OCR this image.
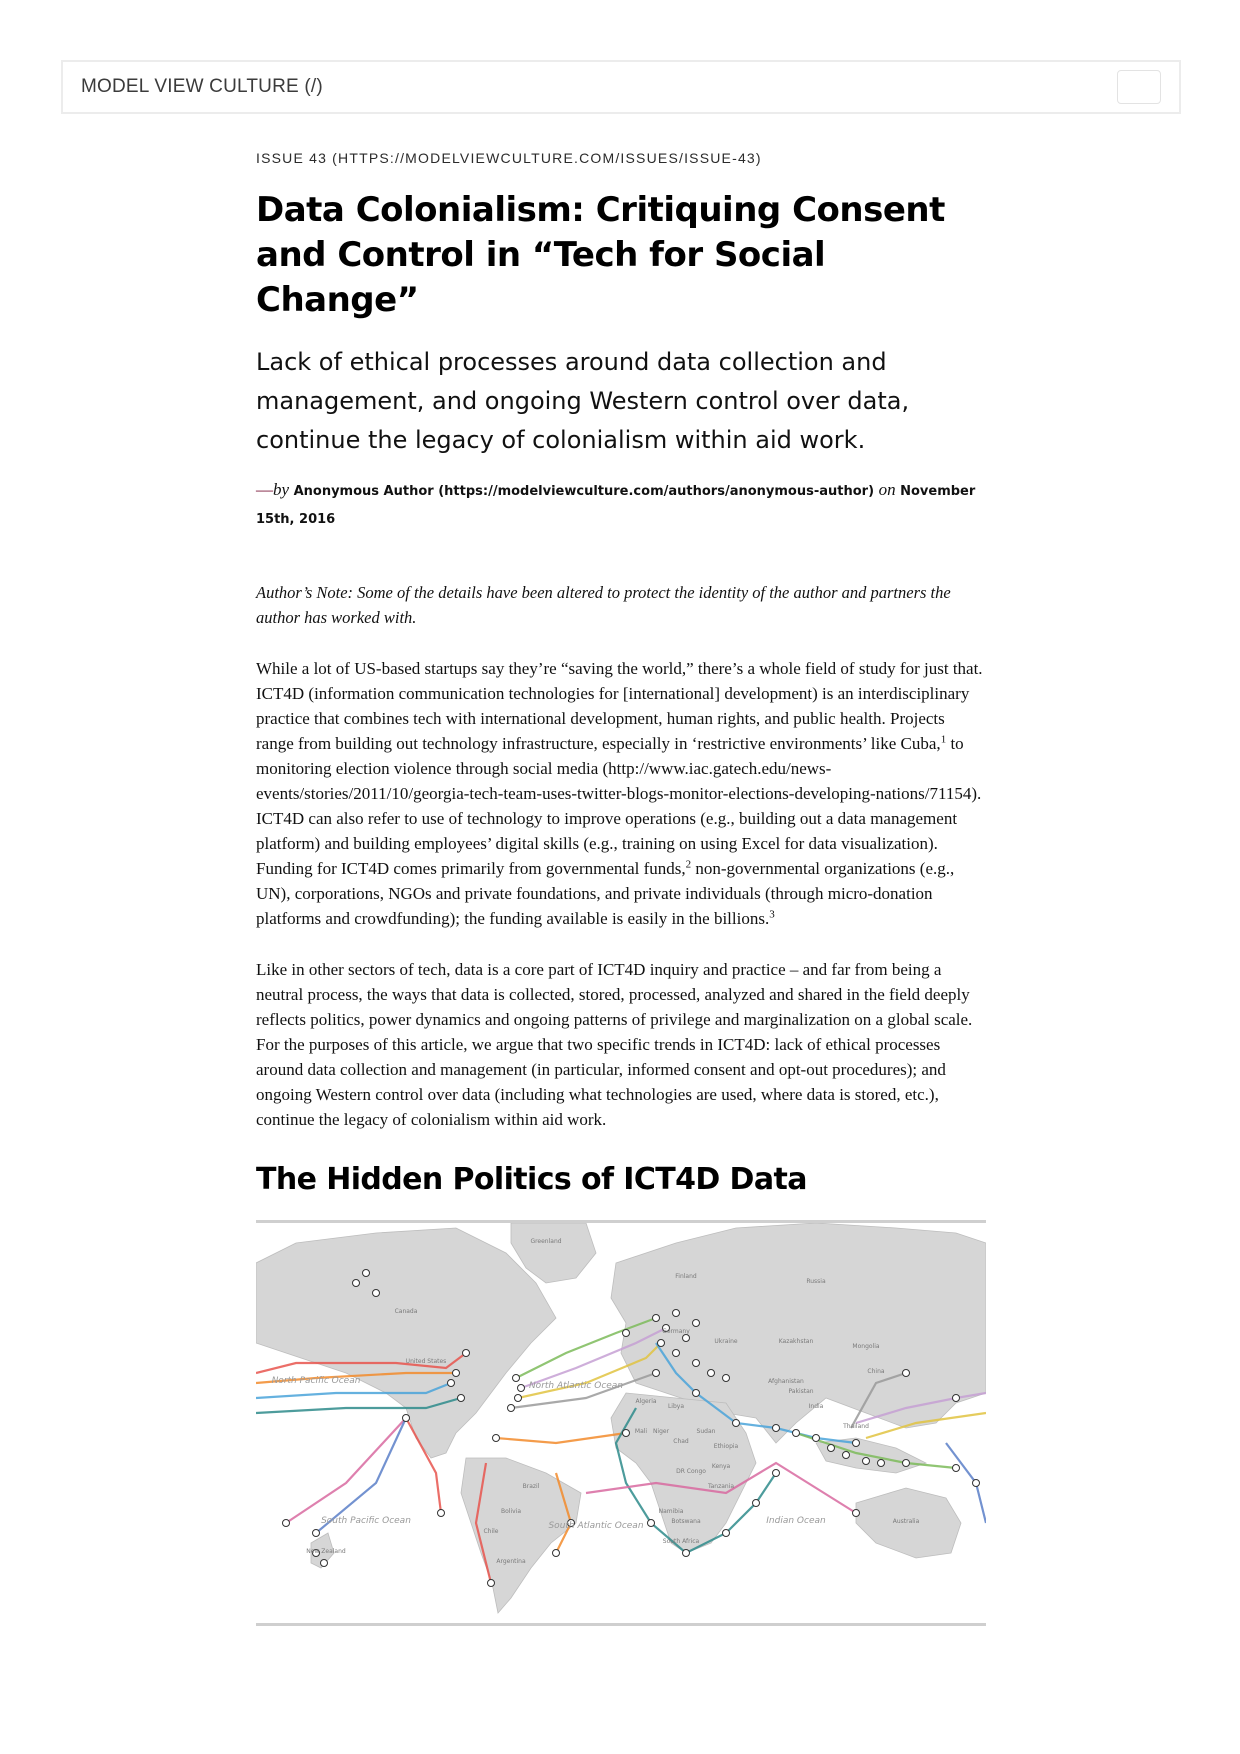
MODEL VIEW CULTURE (/)
ISSUE 43 (HTTPS://MODELVIEWCULTURE.COM/ISSUES/ISSUE-43)
Data Colonialism: Critiquing Consent and Control in “Tech for Social Change”
Lack of ethical processes around data collection and management, and ongoing Western control over data, continue the legacy of colonialism within aid work.
—by Anonymous Author (https://modelviewculture.com/authors/anonymous-author) on November 15th, 2016

Author’s Note: Some of the details have been altered to protect the identity of the author and partners the author has worked with.

While a lot of US-based startups say they’re “saving the world,” there’s a whole field of study for just that. ICT4D (information communication technologies for [international] development) is an interdisciplinary practice that combines tech with international development, human rights, and public health. Projects range from building out technology infrastructure, especially in ‘restrictive environments’ like Cuba,$^1$ to monitoring election violence through social media (http://www.iac.gatech.edu/news-events/stories/2011/10/georgia-tech-team-uses-twitter-blogs-monitor-elections-developing-nations/71154). ICT4D can also refer to use of technology to improve operations (e.g., building out a data management platform) and building employees’ digital skills (e.g., training on using Excel for data visualization). Funding for ICT4D comes primarily from governmental funds,$^2$ non-governmental organizations (e.g., UN), corporations, NGOs and private foundations, and private individuals (through micro-donation platforms and crowdfunding); the funding available is easily in the billions.$^3$

Like in other sectors of tech, data is a core part of ICT4D inquiry and practice – and far from being a neutral process, the ways that data is collected, stored, processed, analyzed and shared in the field deeply reflects politics, power dynamics and ongoing patterns of privilege and marginalization on a global scale. For the purposes of this article, we argue that two specific trends in ICT4D: lack of ethical processes around data collection and management (in particular, informed consent and opt-out procedures); and ongoing Western control over data (including what technologies are used, where data is stored, etc.), continue the legacy of colonialism within aid work.

The Hidden Politics of ICT4D Data
Greenland
Canada
United States
North Pacific Ocean	North Atlantic Ocean
Russia
Finland
Ukraine
Germany
Kazakhstan
Mongolia
China
Afghanistan
Pakistan
India
Thailand
Algeria
Libya
Mali Niger
Chad
Sudan
Ethiopia
Kenya
DR Congo
Tanzania
Namibia
Botswana
South Africa
Brazil
Bolivia
Chile
Argentina
South Pacific Ocean	South Atlantic Ocean	Indian Ocean	Australia
New Zealand
